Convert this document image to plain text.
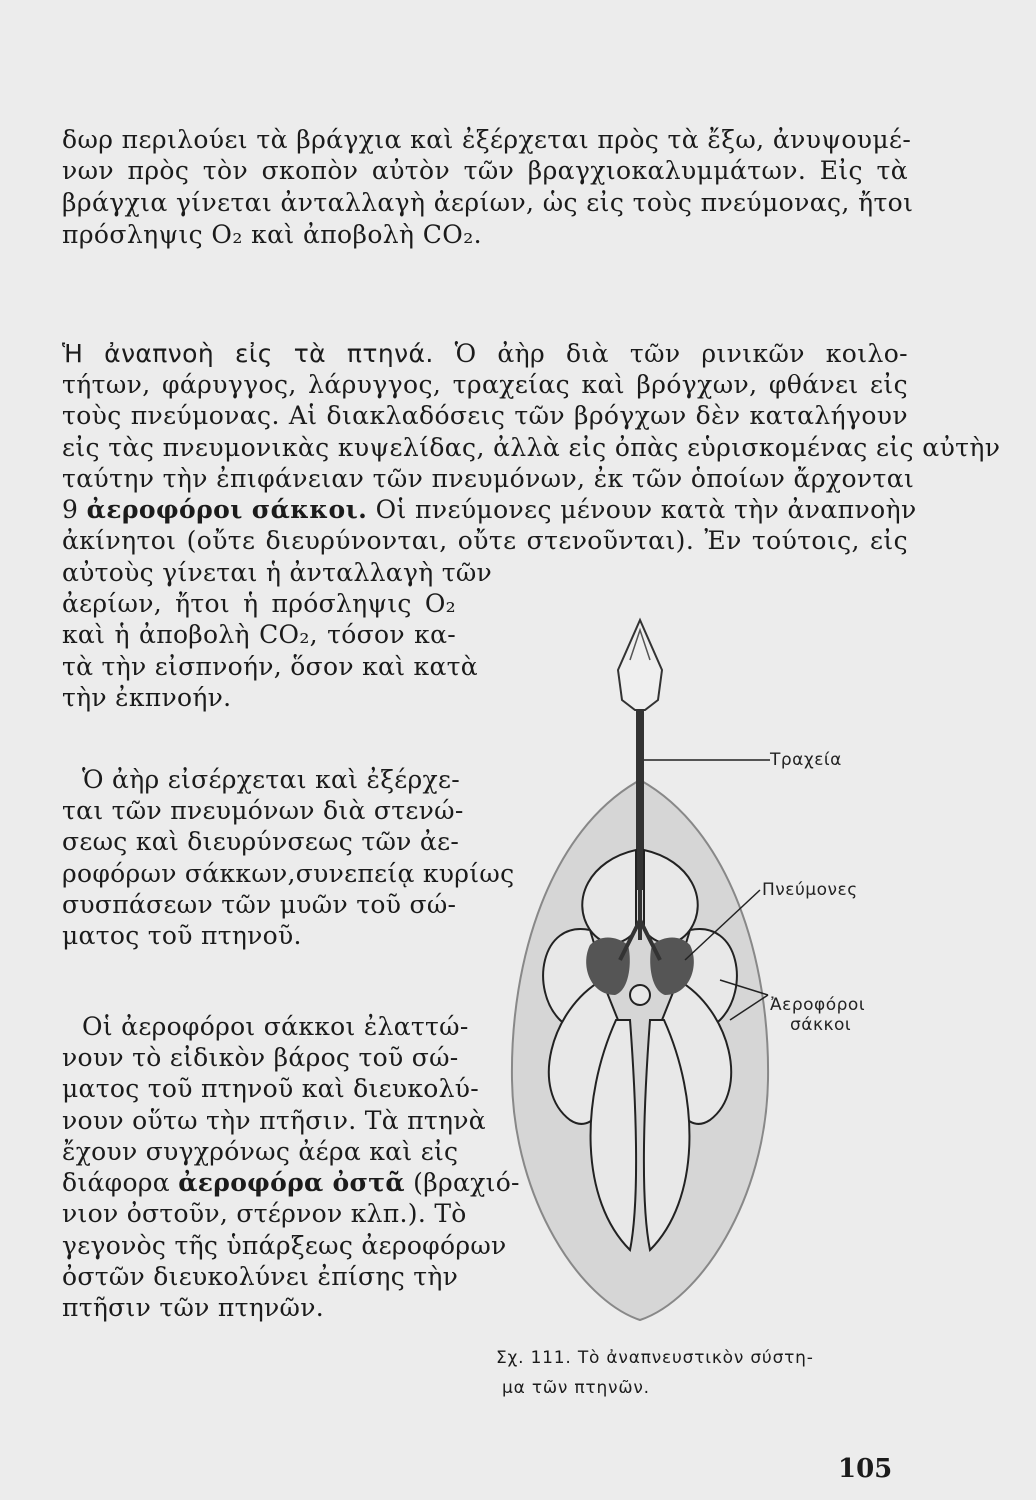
δωρ περιλούει τὰ βράγχια καὶ ἐξέρχεται πρὸς τὰ ἔξω, ἀνυψουμέ-
νων πρὸς τὸν σκοπὸν αὐτὸν τῶν βραγχιοκαλυμμάτων. Εἰς τὰ
βράγχια γίνεται ἀνταλλαγὴ ἀερίων, ὡς εἰς τοὺς πνεύμονας, ἤτοι
πρόσληψις O₂ καὶ ἀποβολὴ CO₂.
Ἡ ἀναπνοὴ εἰς τὰ πτηνά. Ὁ ἀὴρ διὰ τῶν ρινικῶν κοιλο-
τήτων, φάρυγγος, λάρυγγος, τραχείας καὶ βρόγχων, φθάνει εἰς
τοὺς πνεύμονας. Αἱ διακλαδόσεις τῶν βρόγχων δὲν καταλήγουν
εἰς τὰς πνευμονικὰς κυψελίδας, ἀλλὰ εἰς ὀπὰς εὑρισκομένας εἰς αὐτὴν
ταύτην τὴν ἐπιφάνειαν τῶν πνευμόνων, ἐκ τῶν ὁποίων ἄρχονται
9 ἀεροφόροι σάκκοι. Οἱ πνεύμονες μένουν κατὰ τὴν ἀναπνοὴν
ἀκίνητοι (οὔτε διευρύνονται, οὔτε στενοῦνται). Ἐν τούτοις, εἰς
αὐτοὺς γίνεται ἡ ἀνταλλαγὴ τῶν
ἀερίων, ἤτοι ἡ πρόσληψις O₂
καὶ ἡ ἀποβολὴ CO₂, τόσον κα-
τὰ τὴν εἰσπνοήν, ὅσον καὶ κατὰ
τὴν ἐκπνοήν.
Ὁ ἀὴρ εἰσέρχεται καὶ ἐξέρχε-
ται τῶν πνευμόνων διὰ στενώ-
σεως καὶ διευρύνσεως τῶν ἀε-
ροφόρων σάκκων,συνεπείᾳ κυρίως
συσπάσεων τῶν μυῶν τοῦ σώ-
ματος τοῦ πτηνοῦ.
Οἱ ἀεροφόροι σάκκοι ἐλαττώ-
νουν τὸ εἰδικὸν βάρος τοῦ σώ-
ματος τοῦ πτηνοῦ καὶ διευκολύ-
νουν οὕτω τὴν πτῆσιν. Τὰ πτηνὰ
ἔχουν συγχρόνως ἀέρα καὶ εἰς
διάφορα ἀεροφόρα ὀστᾶ (βραχιό-
νιον ὀστοῦν, στέρνον κλπ.). Τὸ
γεγονὸς τῆς ὑπάρξεως ἀεροφόρων
ὀστῶν διευκολύνει ἐπίσης τὴν
πτῆσιν τῶν πτηνῶν.
Τραχεία
Πνεύμονες
Ἀεροφόροι
σάκκοι
Σχ. 111. Τὸ ἀναπνευστικὸν σύστη-
μα τῶν πτηνῶν.
105
